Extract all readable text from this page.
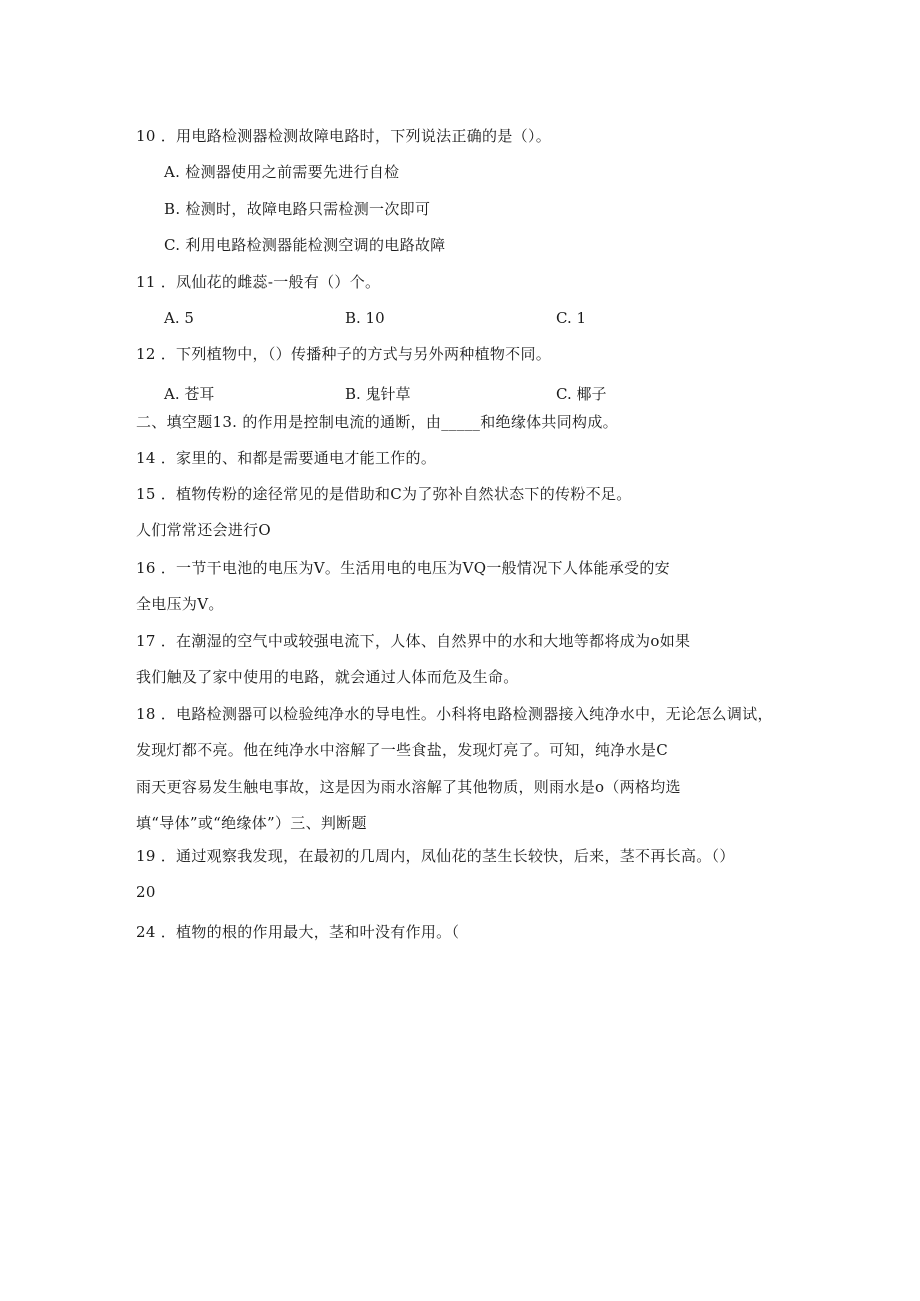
10 ．用电路检测器检测故障电路时，下列说法正确的是（）。
A. 检测器使用之前需要先进行自检
B. 检测时，故障电路只需检测一次即可
C. 利用电路检测器能检测空调的电路故障
11 ．凤仙花的雌蕊-一般有（）个。
A. 5	B. 10	C. 1
12 ．下列植物中，（）传播种子的方式与另外两种植物不同。
A. 苍耳	B. 鬼针草	C. 椰子
二、填空题13. 的作用是控制电流的通断，由_____和绝缘体共同构成。
14 ．家里的、和都是需要通电才能工作的。
15 ．植物传粉的途径常见的是借助和C为了弥补自然状态下的传粉不足。
人们常常还会进行O
16 ．一节干电池的电压为V。生活用电的电压为VQ一般情况下人体能承受的安
全电压为V。
17 ．在潮湿的空气中或较强电流下，人体、自然界中的水和大地等都将成为o如果
我们触及了家中使用的电路，就会通过人体而危及生命。
18 ．电路检测器可以检验纯净水的导电性。小科将电路检测器接入纯净水中，无论怎么调试，
发现灯都不亮。他在纯净水中溶解了一些食盐，发现灯亮了。可知，纯净水是C
雨天更容易发生触电事故，这是因为雨水溶解了其他物质，则雨水是o（两格均选
填“导体”或“绝缘体”）三、判断题
19 ．通过观察我发现，在最初的几周内，凤仙花的茎生长较快，后来，茎不再长高。（）
20
24 ．植物的根的作用最大，茎和叶没有作用。（
